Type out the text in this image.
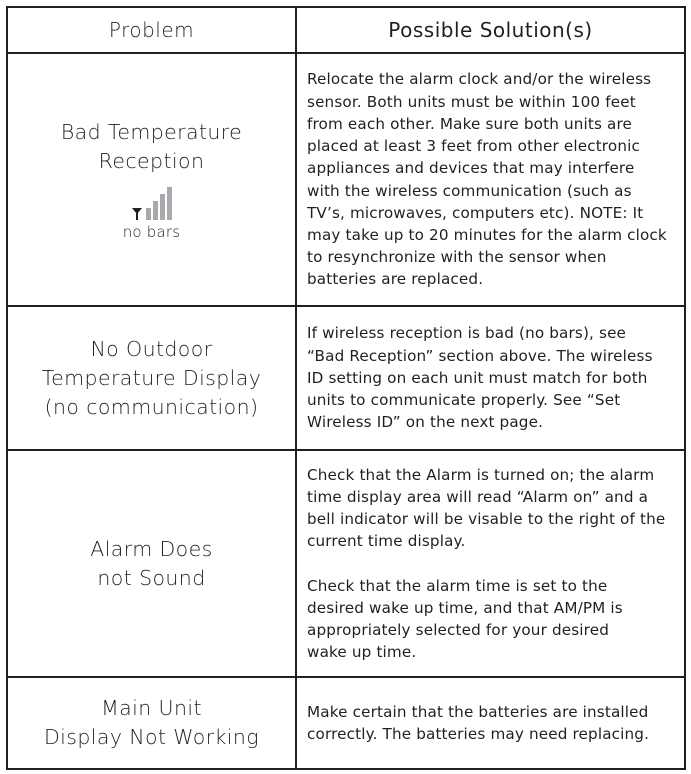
Problem	Possible Solution(s)
Bad Temperature
Reception
no bars
Relocate the alarm clock and/or the wireless
sensor. Both units must be within 100 feet
from each other. Make sure both units are
placed at least 3 feet from other electronic
appliances and devices that may interfere
with the wireless communication (such as
TV’s, microwaves, computers etc). NOTE: It
may take up to 20 minutes for the alarm clock
to resynchronize with the sensor when
batteries are replaced.
No Outdoor
Temperature Display
(no communication)
If wireless reception is bad (no bars), see
“Bad Reception” section above. The wireless
ID setting on each unit must match for both
units to communicate properly. See “Set
Wireless ID” on the next page.
Alarm Does
not Sound
Check that the Alarm is turned on; the alarm
time display area will read “Alarm on” and a
bell indicator will be visable to the right of the
current time display.
Check that the alarm time is set to the
desired wake up time, and that AM/PM is
appropriately selected for your desired
wake up time.
Main Unit
Display Not Working
Make certain that the batteries are installed
correctly. The batteries may need replacing.
